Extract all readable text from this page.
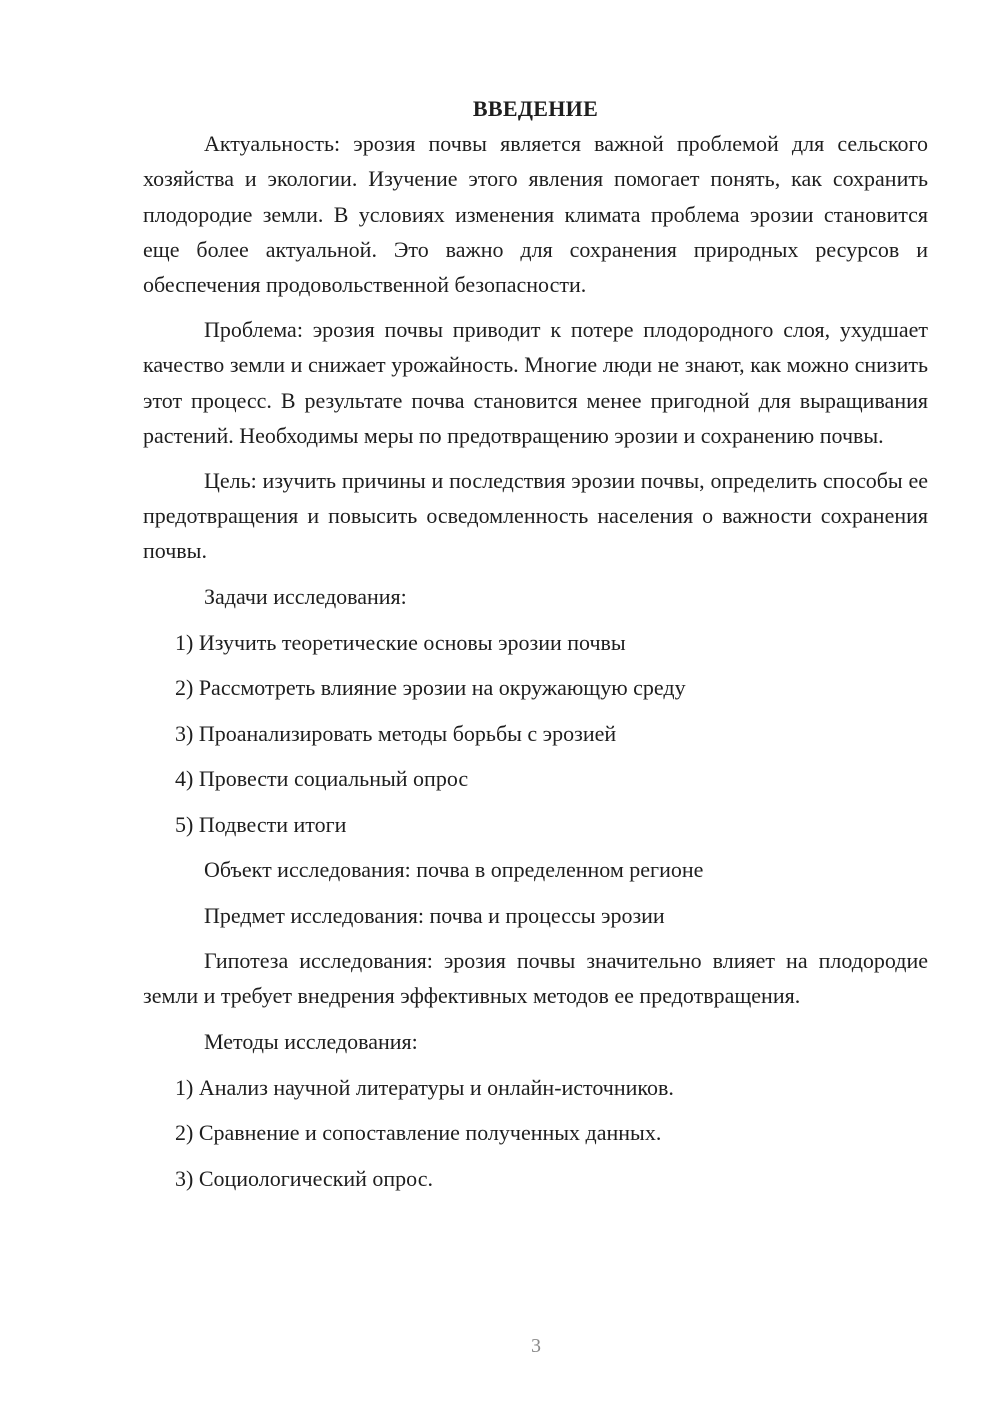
ВВЕДЕНИЕ

Актуальность: эрозия почвы является важной проблемой для сельского хозяйства и экологии. Изучение этого явления помогает понять, как сохранить плодородие земли. В условиях изменения климата проблема эрозии становится еще более актуальной. Это важно для сохранения природных ресурсов и обеспечения продовольственной безопасности.

Проблема: эрозия почвы приводит к потере плодородного слоя, ухудшает качество земли и снижает урожайность. Многие люди не знают, как можно снизить этот процесс. В результате почва становится менее пригодной для выращивания растений. Необходимы меры по предотвращению эрозии и сохранению почвы.

Цель: изучить причины и последствия эрозии почвы, определить способы ее предотвращения и повысить осведомленность населения о важности сохранения почвы.

Задачи исследования:

1) Изучить теоретические основы эрозии почвы

2) Рассмотреть влияние эрозии на окружающую среду

3) Проанализировать методы борьбы с эрозией

4) Провести социальный опрос

5) Подвести итоги

Объект исследования: почва в определенном регионе

Предмет исследования: почва и процессы эрозии

Гипотеза исследования: эрозия почвы значительно влияет на плодородие земли и требует внедрения эффективных методов ее предотвращения.

Методы исследования:

1) Анализ научной литературы и онлайн-источников.

2) Сравнение и сопоставление полученных данных.

3) Социологический опрос.

3
